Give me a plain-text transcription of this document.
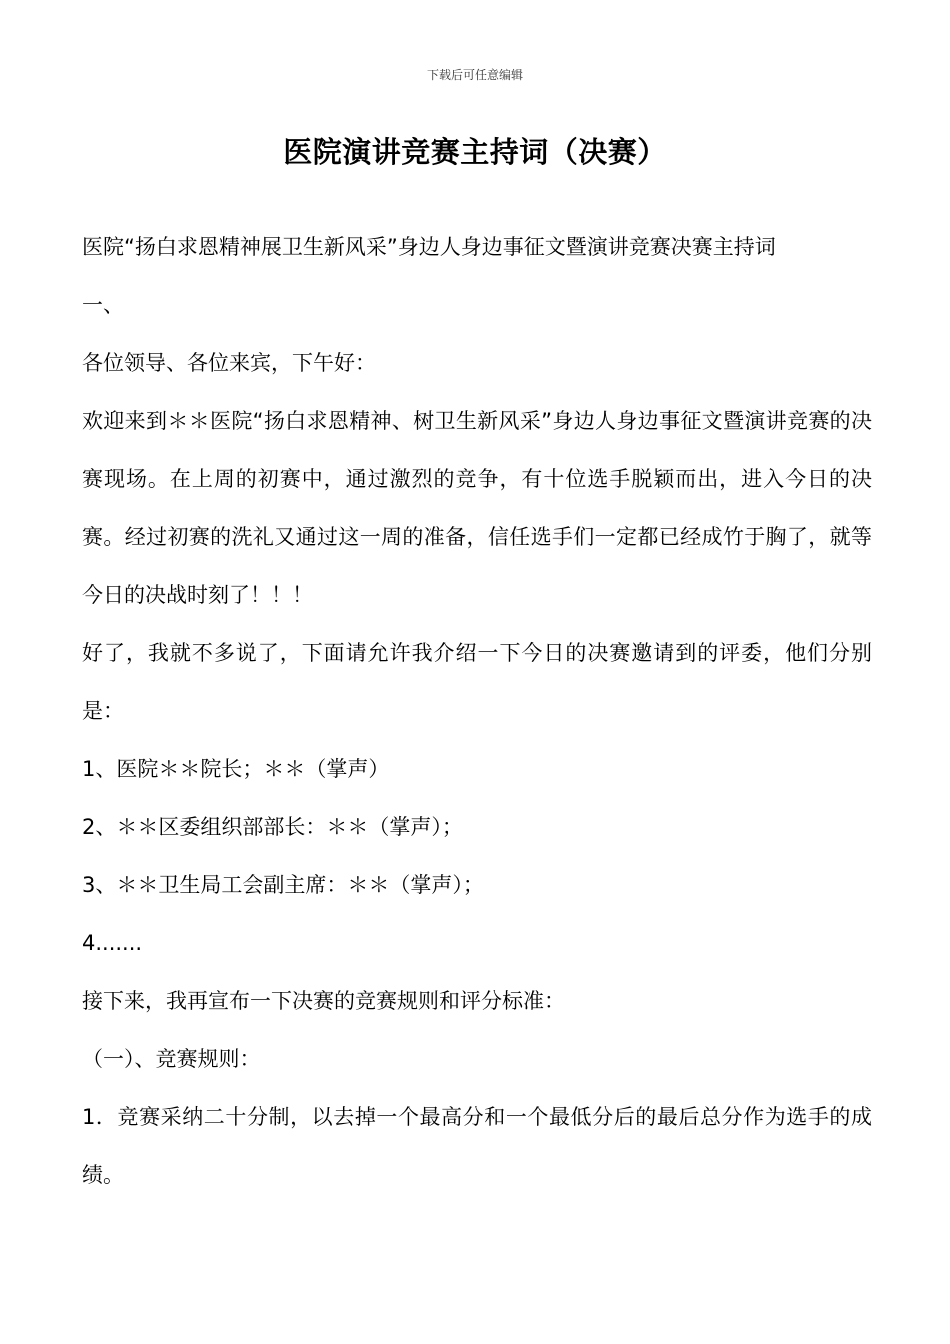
下载后可任意编辑
医院演讲竞赛主持词（决赛）

医院“扬白求恩精神展卫生新风采”身边人身边事征文暨演讲竞赛决赛主持词

一、

各位领导、各位来宾，下午好：

欢迎来到＊＊医院“扬白求恩精神、树卫生新风采”身边人身边事征文暨演讲竞赛的决赛现场。在上周的初赛中，通过激烈的竞争，有十位选手脱颖而出，进入今日的决赛。经过初赛的洗礼又通过这一周的准备，信任选手们一定都已经成竹于胸了，就等今日的决战时刻了！！！

好了，我就不多说了，下面请允许我介绍一下今日的决赛邀请到的评委，他们分别是：

1、医院＊＊院长；＊＊（掌声）

2、＊＊区委组织部部长：＊＊（掌声）；

3、＊＊卫生局工会副主席：＊＊（掌声）；

4.......

接下来，我再宣布一下决赛的竞赛规则和评分标准：

（一）、竞赛规则：

1．竞赛采纳二十分制，以去掉一个最高分和一个最低分后的最后总分作为选手的成绩。
